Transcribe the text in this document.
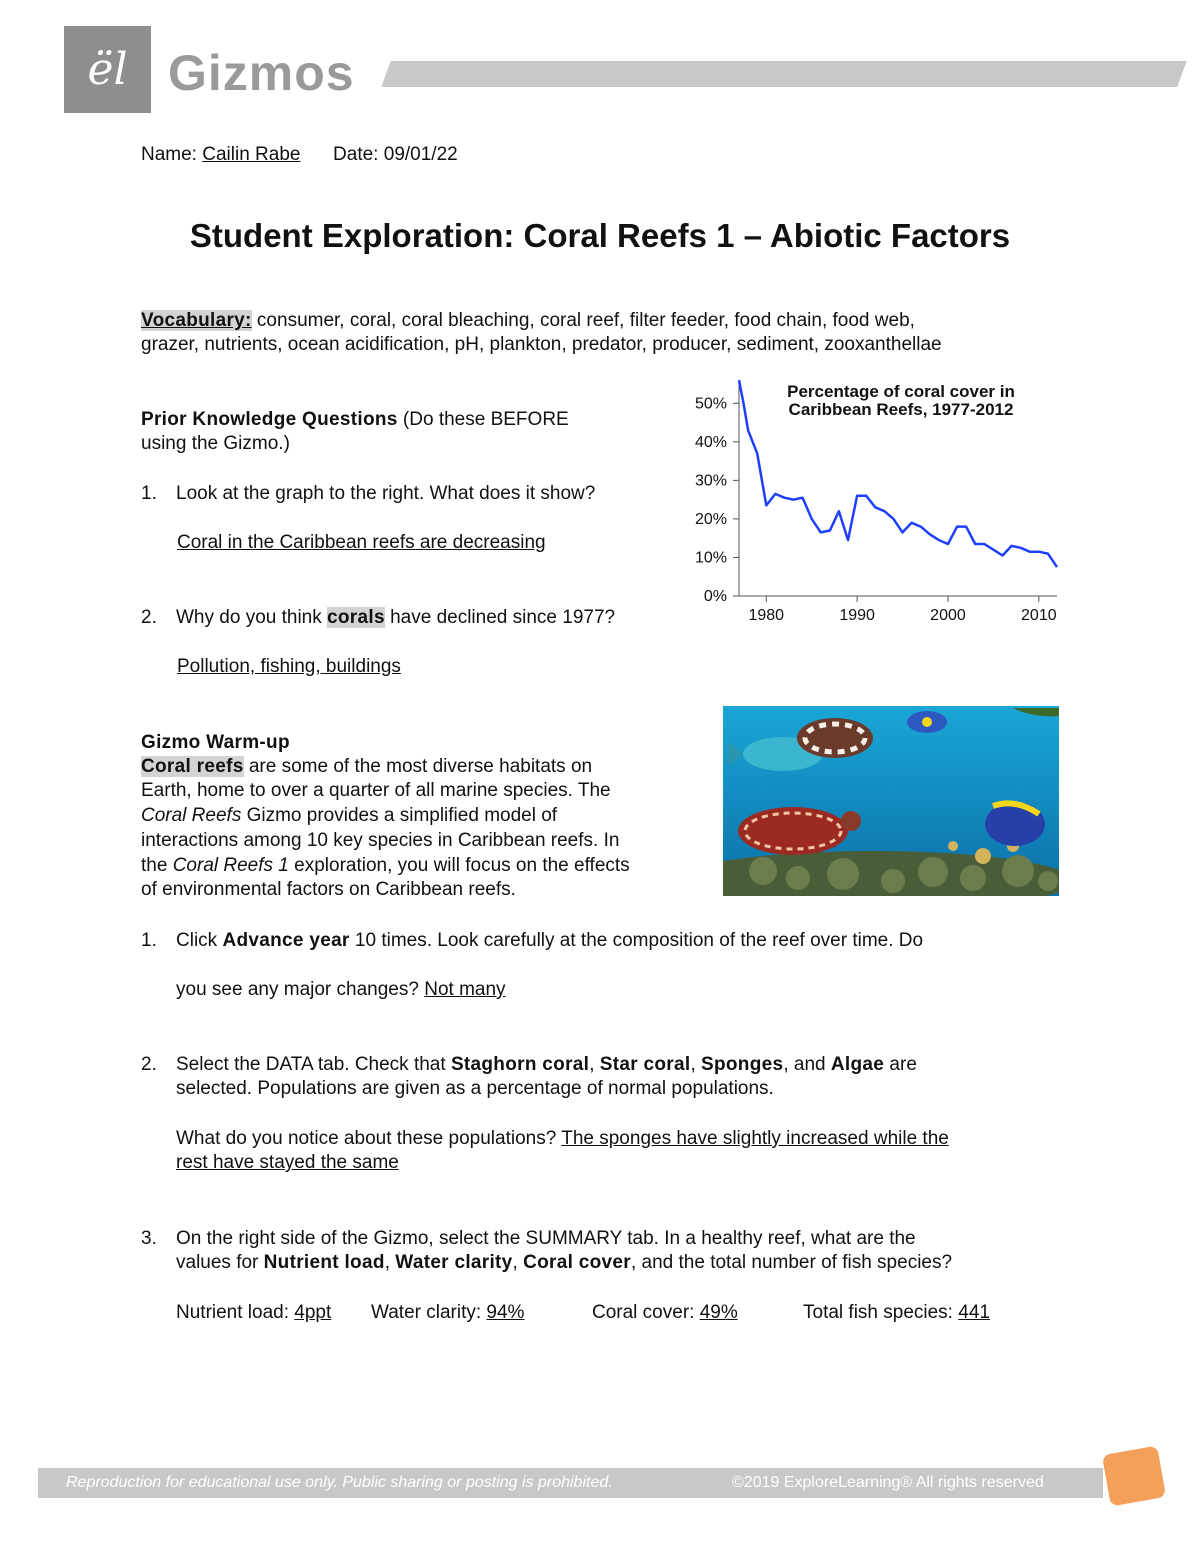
ël Gizmos
Name: Cailin Rabe Date: 09/01/22
Student Exploration: Coral Reefs 1 – Abiotic Factors
Vocabulary: consumer, coral, coral bleaching, coral reef, filter feeder, food chain, food web,
grazer, nutrients, ocean acidification, pH, plankton, predator, producer, sediment, zooxanthellae
Prior Knowledge Questions (Do these BEFORE
using the Gizmo.)
1. Look at the graph to the right. What does it show?
Coral in the Caribbean reefs are decreasing
2. Why do you think corals have declined since 1977?
Pollution, fishing, buildings
Percentage of coral cover in
Caribbean Reefs, 1977-2012
0%
10%
20%
30%
40%
50%
1980	1990	2000	2010
Gizmo Warm-up
Coral reefs are some of the most diverse habitats on
Earth, home to over a quarter of all marine species. The
Coral Reefs Gizmo provides a simplified model of
interactions among 10 key species in Caribbean reefs. In
the Coral Reefs 1 exploration, you will focus on the effects
of environmental factors on Caribbean reefs.
1. Click Advance year 10 times. Look carefully at the composition of the reef over time. Do
you see any major changes? Not many
2. Select the DATA tab. Check that Staghorn coral, Star coral, Sponges, and Algae are
selected. Populations are given as a percentage of normal populations.
What do you notice about these populations? The sponges have slightly increased while the
rest have stayed the same
3. On the right side of the Gizmo, select the SUMMARY tab. In a healthy reef, what are the
values for Nutrient load, Water clarity, Coral cover, and the total number of fish species?
Nutrient load: 4ppt Water clarity: 94%	Coral cover: 49%	Total fish species: 441
Reproduction for educational use only. Public sharing or posting is prohibited.	©2019 ExploreLearning® All rights reserved
